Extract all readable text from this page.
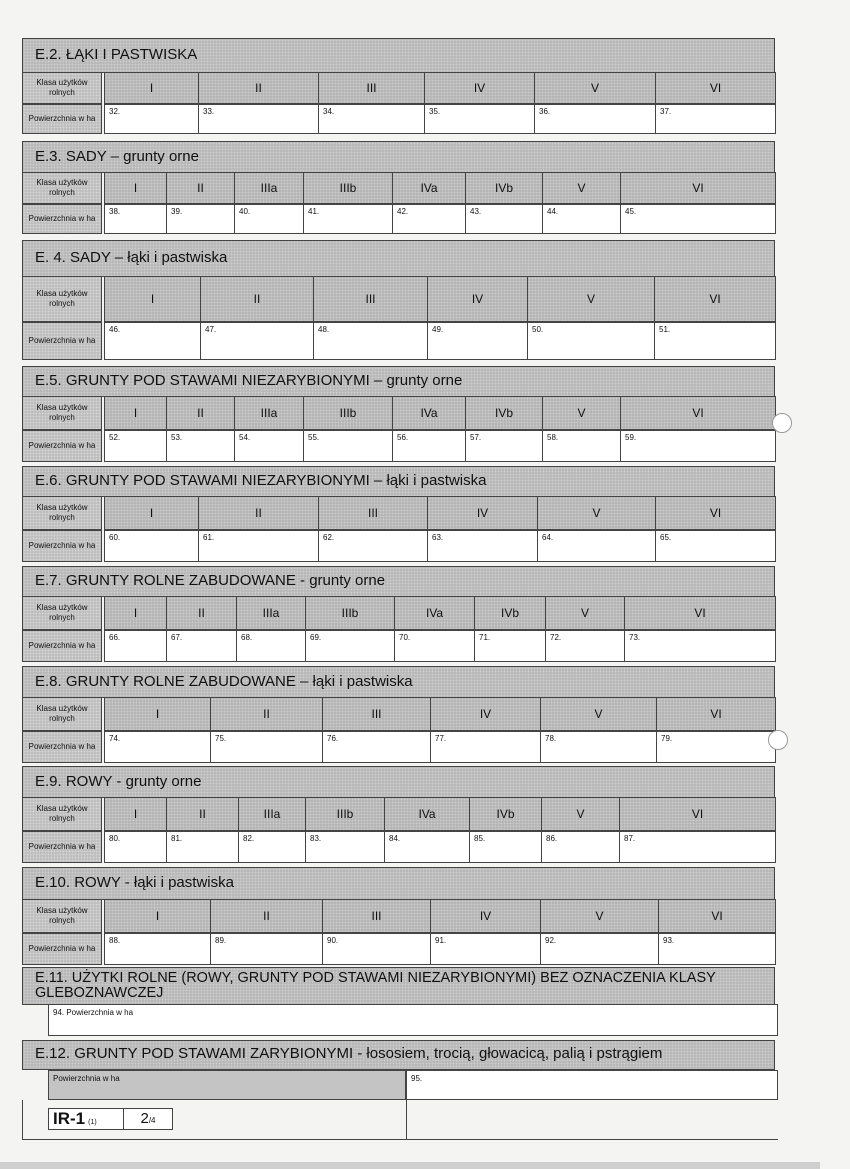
E.2. ŁĄKI I PASTWISKA
Klasa użytków rolnych	I	II	III	IV	V	VI
Powierzchnia w ha
32.	33.	34.	35.	36.	37.
E.3. SADY – grunty orne
Klasa użytków rolnych	I	II	IIIa	IIIb	IVa	IVb	V	VI
Powierzchnia w ha
38.	39.	40.	41.	42.	43.	44.	45.
E. 4. SADY – łąki i pastwiska
Klasa użytków rolnych	I	II	III	IV	V	VI
Powierzchnia w ha
46.	47.	48.	49.	50.	51.
E.5. GRUNTY POD STAWAMI NIEZARYBIONYMI – grunty orne
Klasa użytków rolnych	I	II	IIIa	IIIb	IVa	IVb	V	VI
Powierzchnia w ha
52.	53.	54.	55.	56.	57.	58.	59.
E.6. GRUNTY POD STAWAMI NIEZARYBIONYMI – łąki i pastwiska
Klasa użytków rolnych	I	II	III	IV	V	VI
Powierzchnia w ha
60.	61.	62.	63.	64.	65.
E.7. GRUNTY ROLNE ZABUDOWANE - grunty orne
Klasa użytków rolnych	I	II	IIIa	IIIb	IVa	IVb	V	VI
Powierzchnia w ha
66.	67.	68.	69.	70.	71.	72.	73.
E.8. GRUNTY ROLNE ZABUDOWANE – łąki i pastwiska
Klasa użytków rolnych	I	II	III	IV	V	VI
Powierzchnia w ha
74.	75.	76.	77.	78.	79.
E.9. ROWY - grunty orne
Klasa użytków rolnych	I	II	IIIa	IIIb	IVa	IVb	V	VI
Powierzchnia w ha
80.	81.	82.	83.	84.	85.	86.	87.
E.10. ROWY - łąki i pastwiska
Klasa użytków rolnych	I	II	III	IV	V	VI
Powierzchnia w ha
88.	89.	90.	91.	92.	93.
E.11. UŻYTKI ROLNE (ROWY, GRUNTY POD STAWAMI NIEZARYBIONYMI) BEZ OZNACZENIA KLASY GLEBOZNAWCZEJ
94. Powierzchnia w ha
E.12. GRUNTY POD STAWAMI ZARYBIONYMI - łososiem, trocią, głowacicą, palią i pstrągiem
Powierzchnia w ha	95.
IR-1 (1)	2/4
